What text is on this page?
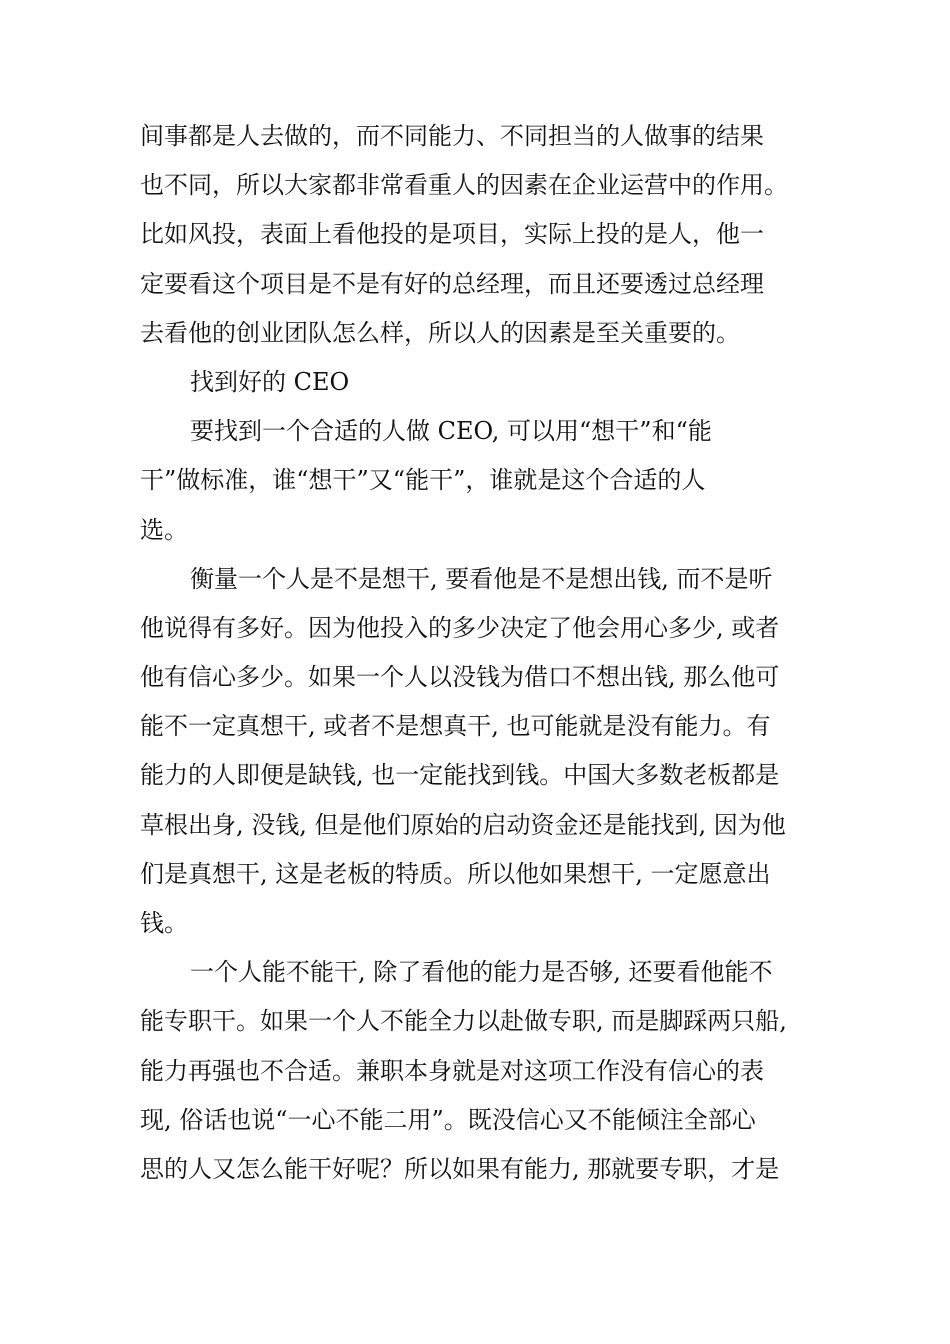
间事都是人去做的，而不同能力、不同担当的人做事的结果
也不同，所以大家都非常看重人的因素在企业运营中的作用。
比如风投，表面上看他投的是项目，实际上投的是人，他一
定要看这个项目是不是有好的总经理，而且还要透过总经理
去看他的创业团队怎么样，所以人的因素是至关重要的。
找到好的 CEO
要找到一个合适的人做 CEO, 可以用“想干”和“能
干”做标准，谁“想干”又“能干”，谁就是这个合适的人
选。
衡量一个人是不是想干, 要看他是不是想出钱, 而不是听
他说得有多好。因为他投入的多少决定了他会用心多少, 或者
他有信心多少。如果一个人以没钱为借口不想出钱, 那么他可
能不一定真想干, 或者不是想真干, 也可能就是没有能力。有
能力的人即便是缺钱, 也一定能找到钱。中国大多数老板都是
草根出身, 没钱, 但是他们原始的启动资金还是能找到, 因为他
们是真想干, 这是老板的特质。所以他如果想干, 一定愿意出
钱。
一个人能不能干, 除了看他的能力是否够, 还要看他能不
能专职干。如果一个人不能全力以赴做专职, 而是脚踩两只船,
能力再强也不合适。兼职本身就是对这项工作没有信心的表
现, 俗话也说“一心不能二用”。既没信心又不能倾注全部心
思的人又怎么能干好呢？所以如果有能力, 那就要专职，才是
